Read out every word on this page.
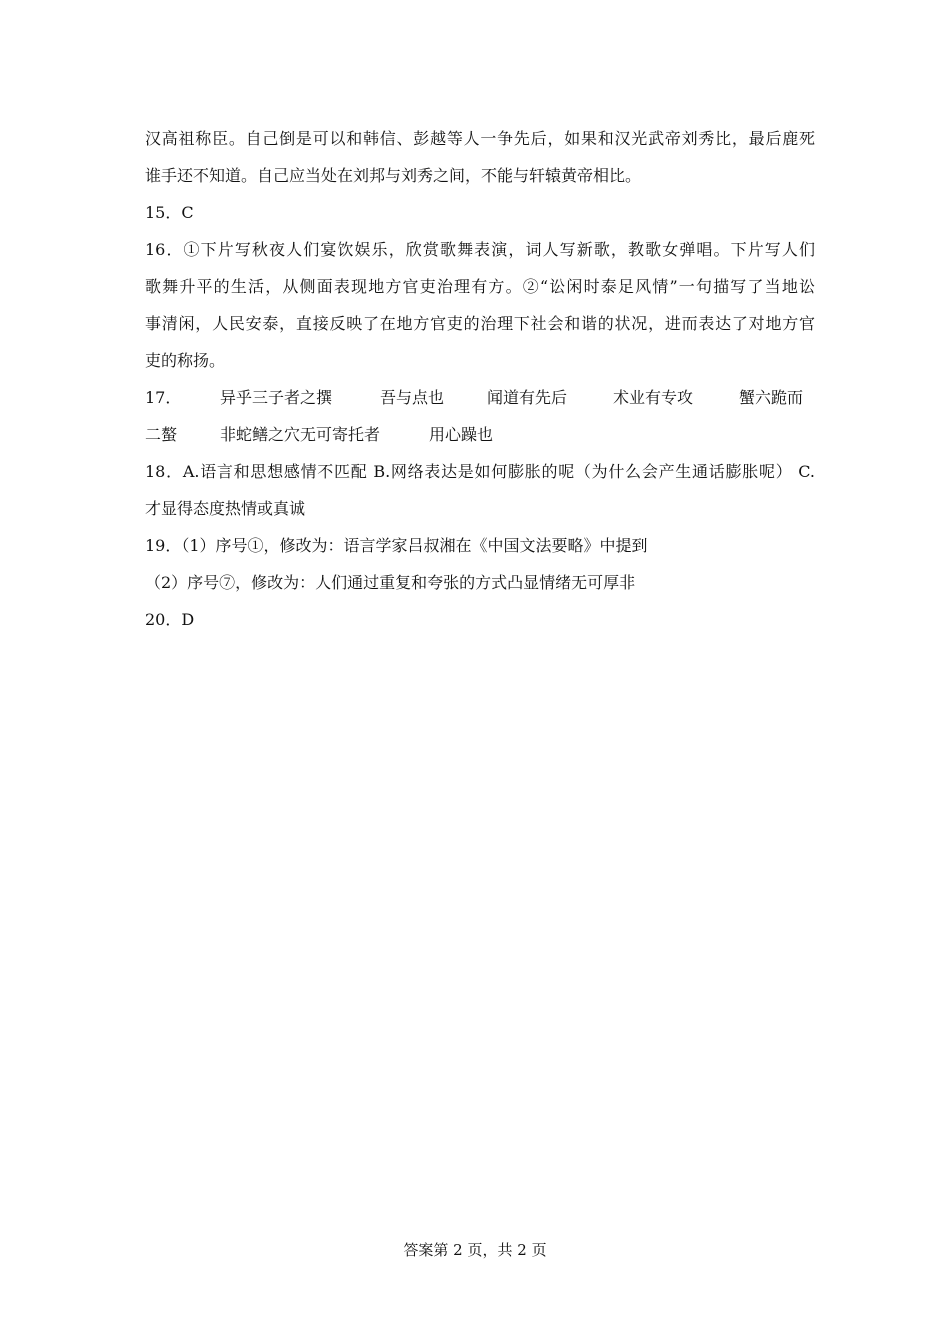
汉高祖称臣。自己倒是可以和韩信、彭越等人一争先后，如果和汉光武帝刘秀比，最后鹿死
谁手还不知道。自己应当处在刘邦与刘秀之间，不能与轩辕黄帝相比。
15．C
16．①下片写秋夜人们宴饮娱乐，欣赏歌舞表演，词人写新歌，教歌女弹唱。下片写人们
歌舞升平的生活，从侧面表现地方官吏治理有方。②“讼闲时泰足风情”一句描写了当地讼
事清闲，人民安泰，直接反映了在地方官吏的治理下社会和谐的状况，进而表达了对地方官
吏的称扬。
17．	异乎三子者之撰	吾与点也	闻道有先后	术业有专攻	蟹六跪而
二螯	非蛇鳝之穴无可寄托者	用心躁也
18．A.语言和思想感情不匹配 B.网络表达是如何膨胀的呢（为什么会产生通话膨胀呢） C.
才显得态度热情或真诚
19．（1）序号①，修改为：语言学家吕叔湘在《中国文法要略》中提到
（2）序号⑦，修改为：人们通过重复和夸张的方式凸显情绪无可厚非
20．D
答案第 2 页，共 2 页
